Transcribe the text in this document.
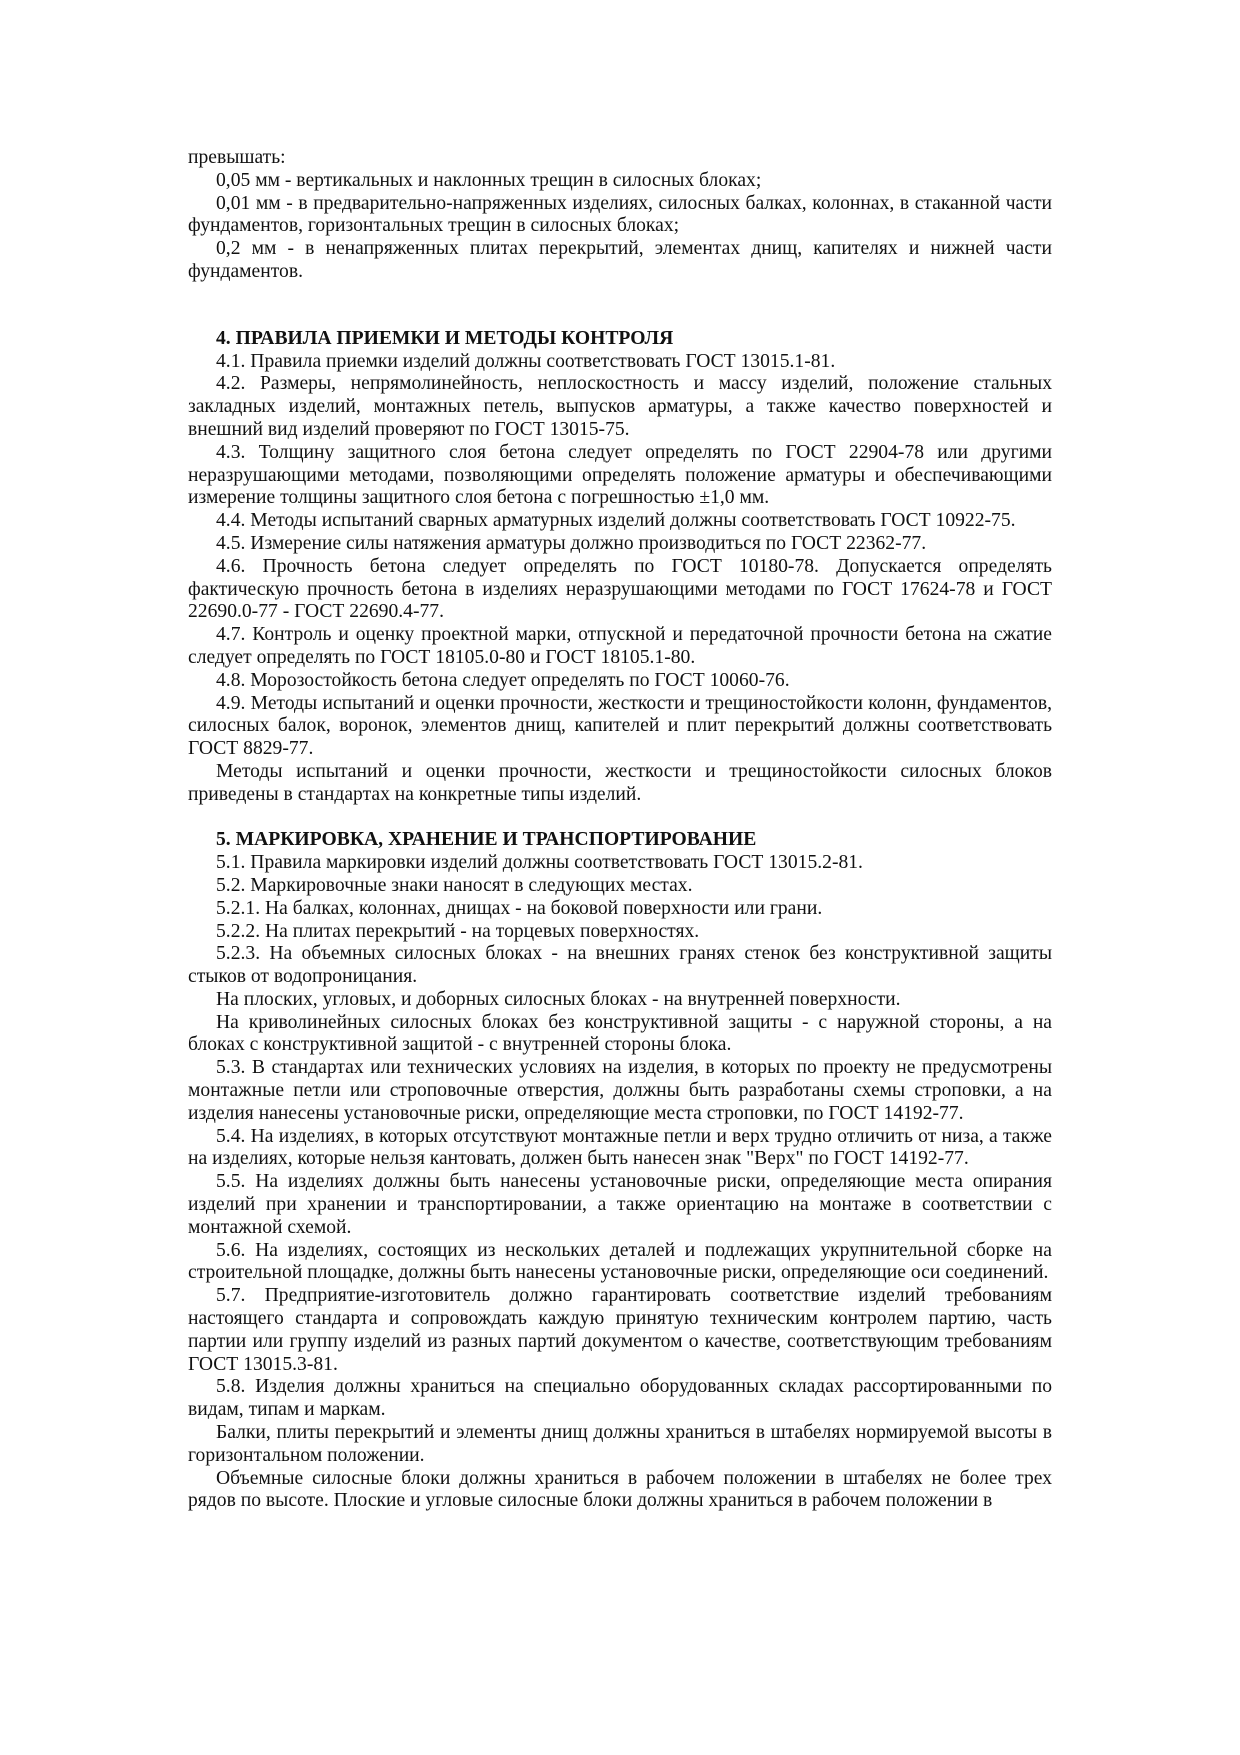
превышать:

0,05 мм - вертикальных и наклонных трещин в силосных блоках;

0,01 мм - в предварительно-напряженных изделиях, силосных балках, колоннах, в стаканной части фундаментов, горизонтальных трещин в силосных блоках;

0,2 мм - в ненапряженных плитах перекрытий, элементах днищ, капителях и нижней части фундаментов.

4. ПРАВИЛА ПРИЕМКИ И МЕТОДЫ КОНТРОЛЯ

4.1. Правила приемки изделий должны соответствовать ГОСТ 13015.1-81.

4.2. Размеры, непрямолинейность, неплоскостность и массу изделий, положение стальных закладных изделий, монтажных петель, выпусков арматуры, а также качество поверхностей и внешний вид изделий проверяют по ГОСТ 13015-75.

4.3. Толщину защитного слоя бетона следует определять по ГОСТ 22904-78 или другими неразрушающими методами, позволяющими определять положение арматуры и обеспечивающими измерение толщины защитного слоя бетона с погрешностью ±1,0 мм.

4.4. Методы испытаний сварных арматурных изделий должны соответствовать ГОСТ 10922-75.

4.5. Измерение силы натяжения арматуры должно производиться по ГОСТ 22362-77.

4.6. Прочность бетона следует определять по ГОСТ 10180-78. Допускается определять фактическую прочность бетона в изделиях неразрушающими методами по ГОСТ 17624-78 и ГОСТ 22690.0-77 - ГОСТ 22690.4-77.

4.7. Контроль и оценку проектной марки, отпускной и передаточной прочности бетона на сжатие следует определять по ГОСТ 18105.0-80 и ГОСТ 18105.1-80.

4.8. Морозостойкость бетона следует определять по ГОСТ 10060-76.

4.9. Методы испытаний и оценки прочности, жесткости и трещиностойкости колонн, фундаментов, силосных балок, воронок, элементов днищ, капителей и плит перекрытий должны соответствовать ГОСТ 8829-77.

Методы испытаний и оценки прочности, жесткости и трещиностойкости силосных блоков приведены в стандартах на конкретные типы изделий.

5. МАРКИРОВКА, ХРАНЕНИЕ И ТРАНСПОРТИРОВАНИЕ

5.1. Правила маркировки изделий должны соответствовать ГОСТ 13015.2-81.

5.2. Маркировочные знаки наносят в следующих местах.

5.2.1. На балках, колоннах, днищах - на боковой поверхности или грани.

5.2.2. На плитах перекрытий - на торцевых поверхностях.

5.2.3. На объемных силосных блоках - на внешних гранях стенок без конструктивной защиты стыков от водопроницания.

На плоских, угловых, и доборных силосных блоках - на внутренней поверхности.

На криволинейных силосных блоках без конструктивной защиты - с наружной стороны, а на блоках с конструктивной защитой - с внутренней стороны блока.

5.3. В стандартах или технических условиях на изделия, в которых по проекту не предусмотрены монтажные петли или строповочные отверстия, должны быть разработаны схемы строповки, а на изделия нанесены установочные риски, определяющие места строповки, по ГОСТ 14192-77.

5.4. На изделиях, в которых отсутствуют монтажные петли и верх трудно отличить от низа, а также на изделиях, которые нельзя кантовать, должен быть нанесен знак "Верх" по ГОСТ 14192-77.

5.5. На изделиях должны быть нанесены установочные риски, определяющие места опирания изделий при хранении и транспортировании, а также ориентацию на монтаже в соответствии с монтажной схемой.

5.6. На изделиях, состоящих из нескольких деталей и подлежащих укрупнительной сборке на строительной площадке, должны быть нанесены установочные риски, определяющие оси соединений.

5.7. Предприятие-изготовитель должно гарантировать соответствие изделий требованиям настоящего стандарта и сопровождать каждую принятую техническим контролем партию, часть партии или группу изделий из разных партий документом о качестве, соответствующим требованиям ГОСТ 13015.3-81.

5.8. Изделия должны храниться на специально оборудованных складах рассортированными по видам, типам и маркам.

Балки, плиты перекрытий и элементы днищ должны храниться в штабелях нормируемой высоты в горизонтальном положении.

Объемные силосные блоки должны храниться в рабочем положении в штабелях не более трех рядов по высоте. Плоские и угловые силосные блоки должны храниться в рабочем положении в
